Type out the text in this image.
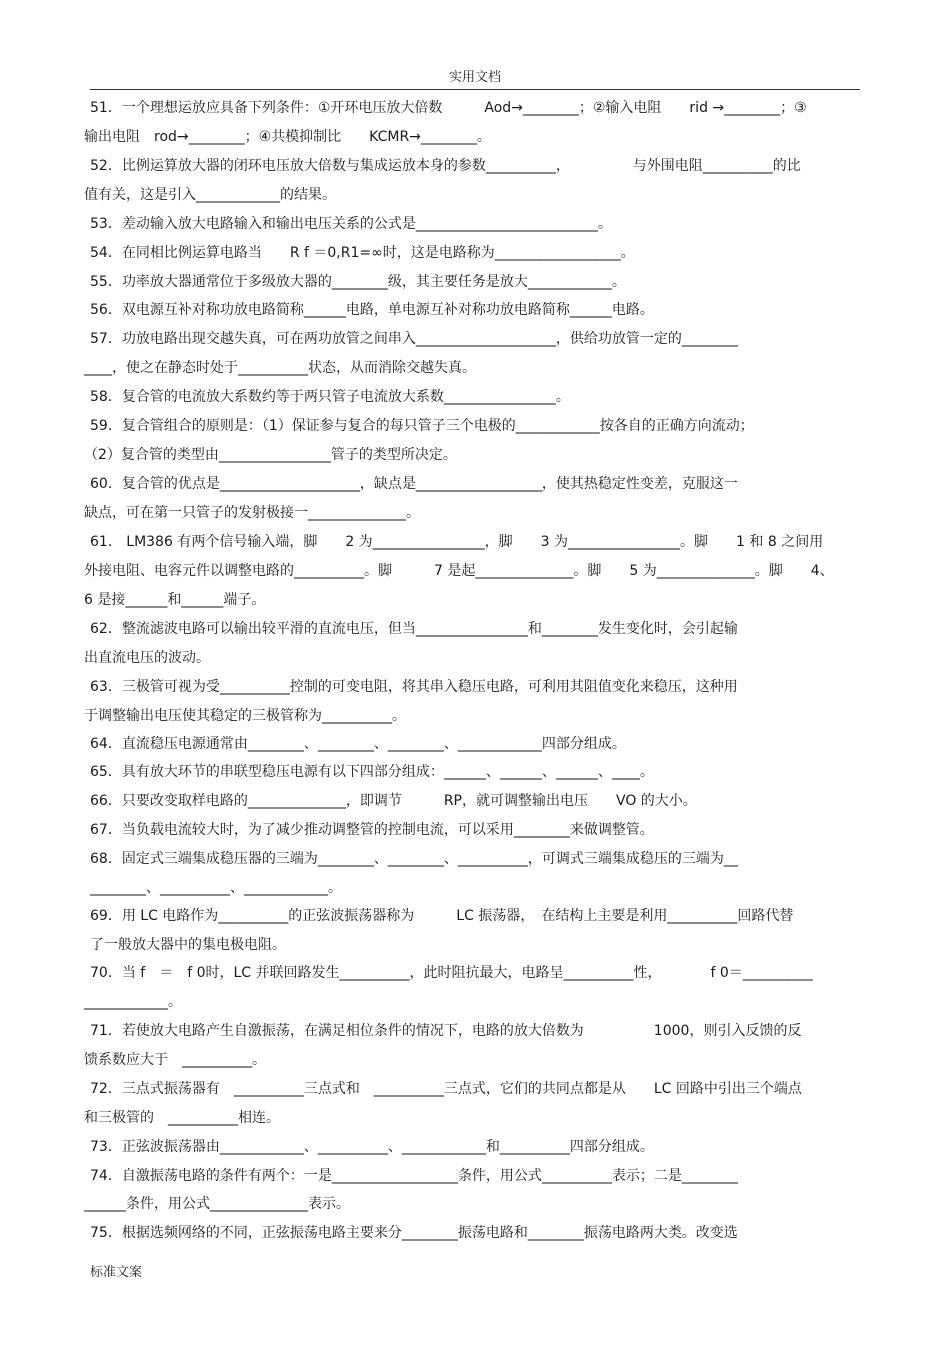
实用文档
51．一个理想运放应具备下列条件：①开环电压放大倍数　　　Aod→________；②输入电阻　　rid →________；③
输出电阻　rod→________；④共模抑制比　　KCMR→________。
52．比例运算放大器的闭环电压放大倍数与集成运放本身的参数__________，　　　　　与外围电阻__________的比
值有关，这是引入____________的结果。
53．差动输入放大电路输入和输出电压关系的公式是__________________________。
54．在同相比例运算电路当　　R f ＝0,R1=∞时，这是电路称为__________________。
55．功率放大器通常位于多级放大器的________级，其主要任务是放大____________。
56．双电源互补对称功放电路简称______电路，单电源互补对称功放电路简称______电路。
57．功放电路出现交越失真，可在两功放管之间串入____________________，供给功放管一定的________
____，使之在静态时处于__________状态，从而消除交越失真。
58．复合管的电流放大系数约等于两只管子电流放大系数________________。
59．复合管组合的原则是：（1）保证参与复合的每只管子三个电极的____________按各自的正确方向流动；
（2）复合管的类型由________________管子的类型所决定。
60．复合管的优点是____________________，缺点是__________________，使其热稳定性变差，克服这一
缺点，可在第一只管子的发射极接一______________。
61． LM386 有两个信号输入端，脚　　2 为________________，脚　　3 为________________。脚　　1 和 8 之间用
外接电阻、电容元件以调整电路的__________。脚　　　7 是起______________。脚　　5 为______________。脚　　4、
6 是接______和______端子。
62．整流滤波电路可以输出较平滑的直流电压，但当________________和________发生变化时，会引起输
出直流电压的波动。
63．三极管可视为受__________控制的可变电阻，将其串入稳压电路，可利用其阻值变化来稳压，这种用
于调整输出电压使其稳定的三极管称为__________。
64．直流稳压电源通常由________、________、________、____________四部分组成。
65．具有放大环节的串联型稳压电源有以下四部分组成：______、______、______、____。
66．只要改变取样电路的______________，即调节　　　RP，就可调整输出电压　　VO 的大小。
67．当负载电流较大时，为了减少推动调整管的控制电流，可以采用________来做调整管。
68．固定式三端集成稳压器的三端为________、________、__________，可调式三端集成稳压的三端为__
________、__________、____________。
69．用 LC 电路作为__________的正弦波振荡器称为　　　LC 振荡器，　在结构上主要是利用__________回路代替
了一般放大器中的集电极电阻。
70．当 f　＝　f 0时，LC 并联回路发生__________，此时阻抗最大，电路呈__________性，　　　　f 0＝__________
____________。
71．若使放大电路产生自激振荡，在满足相位条件的情况下，电路的放大倍数为　　　　　1000，则引入反馈的反
馈系数应大于　__________。
72．三点式振荡器有　__________三点式和　__________三点式，它们的共同点都是从　　LC 回路中引出三个端点
和三极管的　__________相连。
73．正弦波振荡器由____________、__________、____________和__________四部分组成。
74．自激振荡电路的条件有两个：一是__________________条件，用公式__________表示；二是________
______条件，用公式______________表示。
75．根据选频网络的不同，正弦振荡电路主要来分________振荡电路和________振荡电路两大类。改变选
标准文案
